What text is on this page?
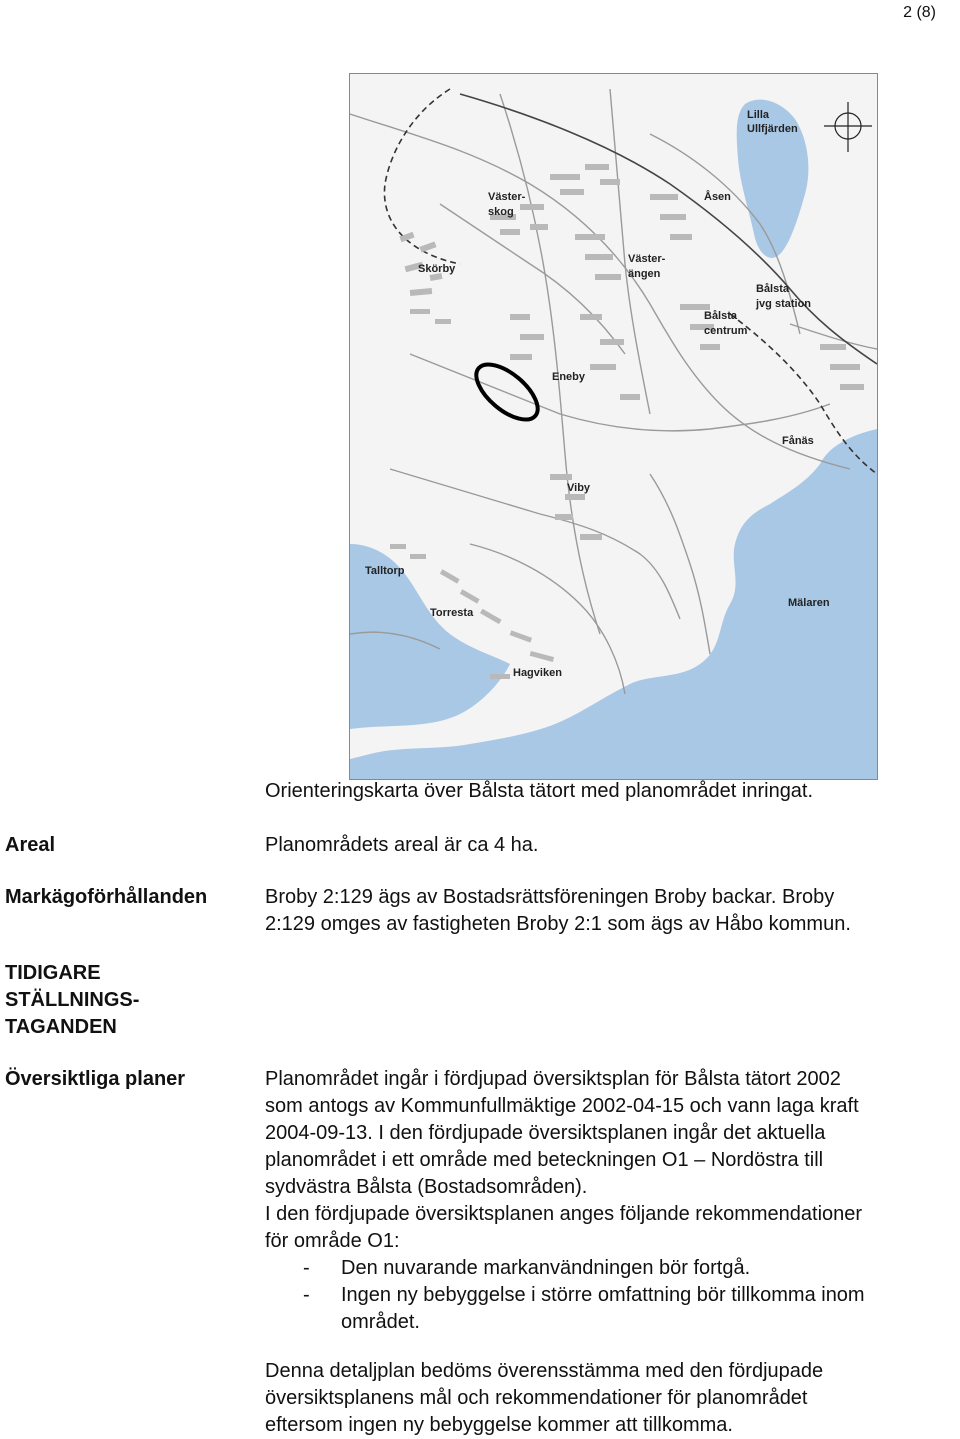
2 (8)
Lilla
Ullfjärden
Väster-
skog
Åsen
Skörby
Väster-
ängen
Bålsta
jvg station
Bålsta
centrum
Eneby
Fånäs
Viby
Talltorp
Mälaren
Torresta
Hagviken
Orienteringskarta över Bålsta tätort med planområdet inringat.
Areal	Planområdets areal är ca 4 ha.
Markägoförhållanden	Broby 2:129 ägs av Bostadsrättsföreningen Broby backar. Broby

2:129 omges av fastigheten Broby 2:1 som ägs av Håbo kommun.

TIDIGARE
STÄLLNINGS-
TAGANDEN
Översiktliga planer	Planområdet ingår i fördjupad översiktsplan för Bålsta tätort 2002

som antogs av Kommunfullmäktige 2002-04-15 och vann laga kraft

2004-09-13. I den fördjupade översiktsplanen ingår det aktuella

planområdet i ett område med beteckningen O1 – Nordöstra till

sydvästra Bålsta (Bostadsområden).

I den fördjupade översiktsplanen anges följande rekommendationer

för område O1:

- Den nuvarande markanvändningen bör fortgå.
- Ingen ny bebyggelse i större omfattning bör tillkomma inom
området.

Denna detaljplan bedöms överensstämma med den fördjupade

översiktsplanens mål och rekommendationer för planområdet

eftersom ingen ny bebyggelse kommer att tillkomma.
